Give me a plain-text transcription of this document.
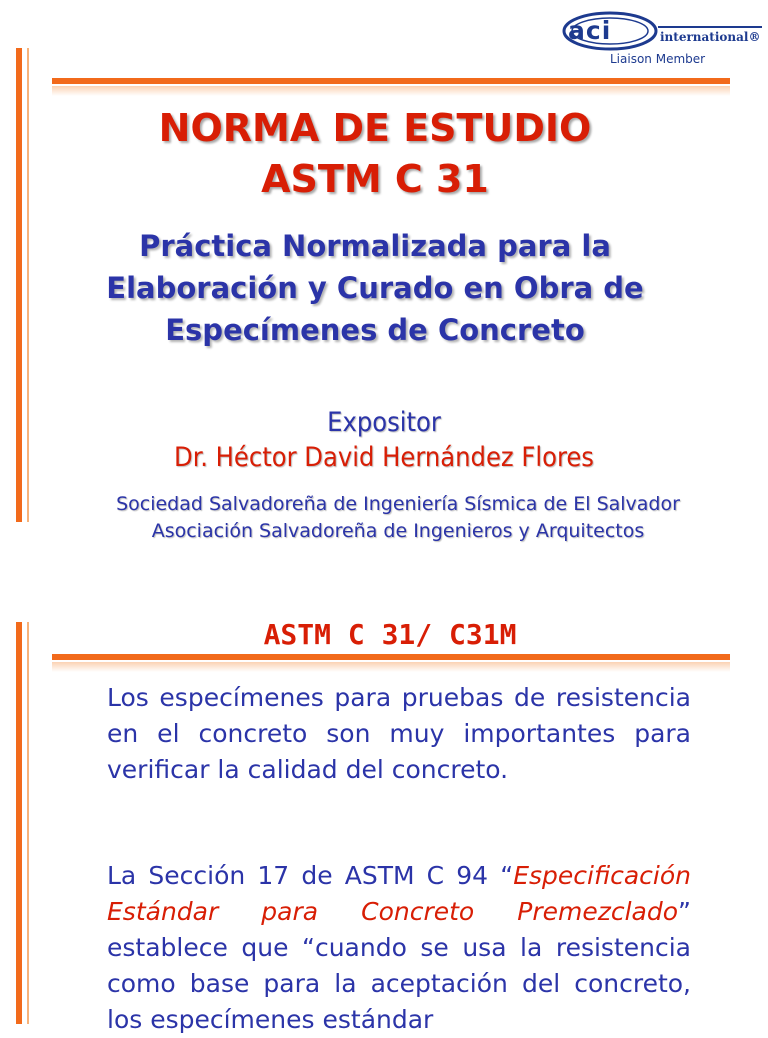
aci	international®
Liaison Member
NORMA DE ESTUDIO
ASTM C 31
Práctica Normalizada para la
Elaboración y Curado en Obra de
Especímenes de Concreto
Expositor
Dr. Héctor David Hernández Flores
Sociedad Salvadoreña de Ingeniería Sísmica de El Salvador
Asociación Salvadoreña de Ingenieros y Arquitectos
ASTM C 31/ C31M
Los especímenes para pruebas de resistencia en el concreto son muy importantes para verificar la calidad del concreto.
La Sección 17 de ASTM C 94 “Especificación Estándar para Concreto Premezclado” establece que “cuando se usa la resistencia como base para la aceptación del concreto, los especímenes estándar
